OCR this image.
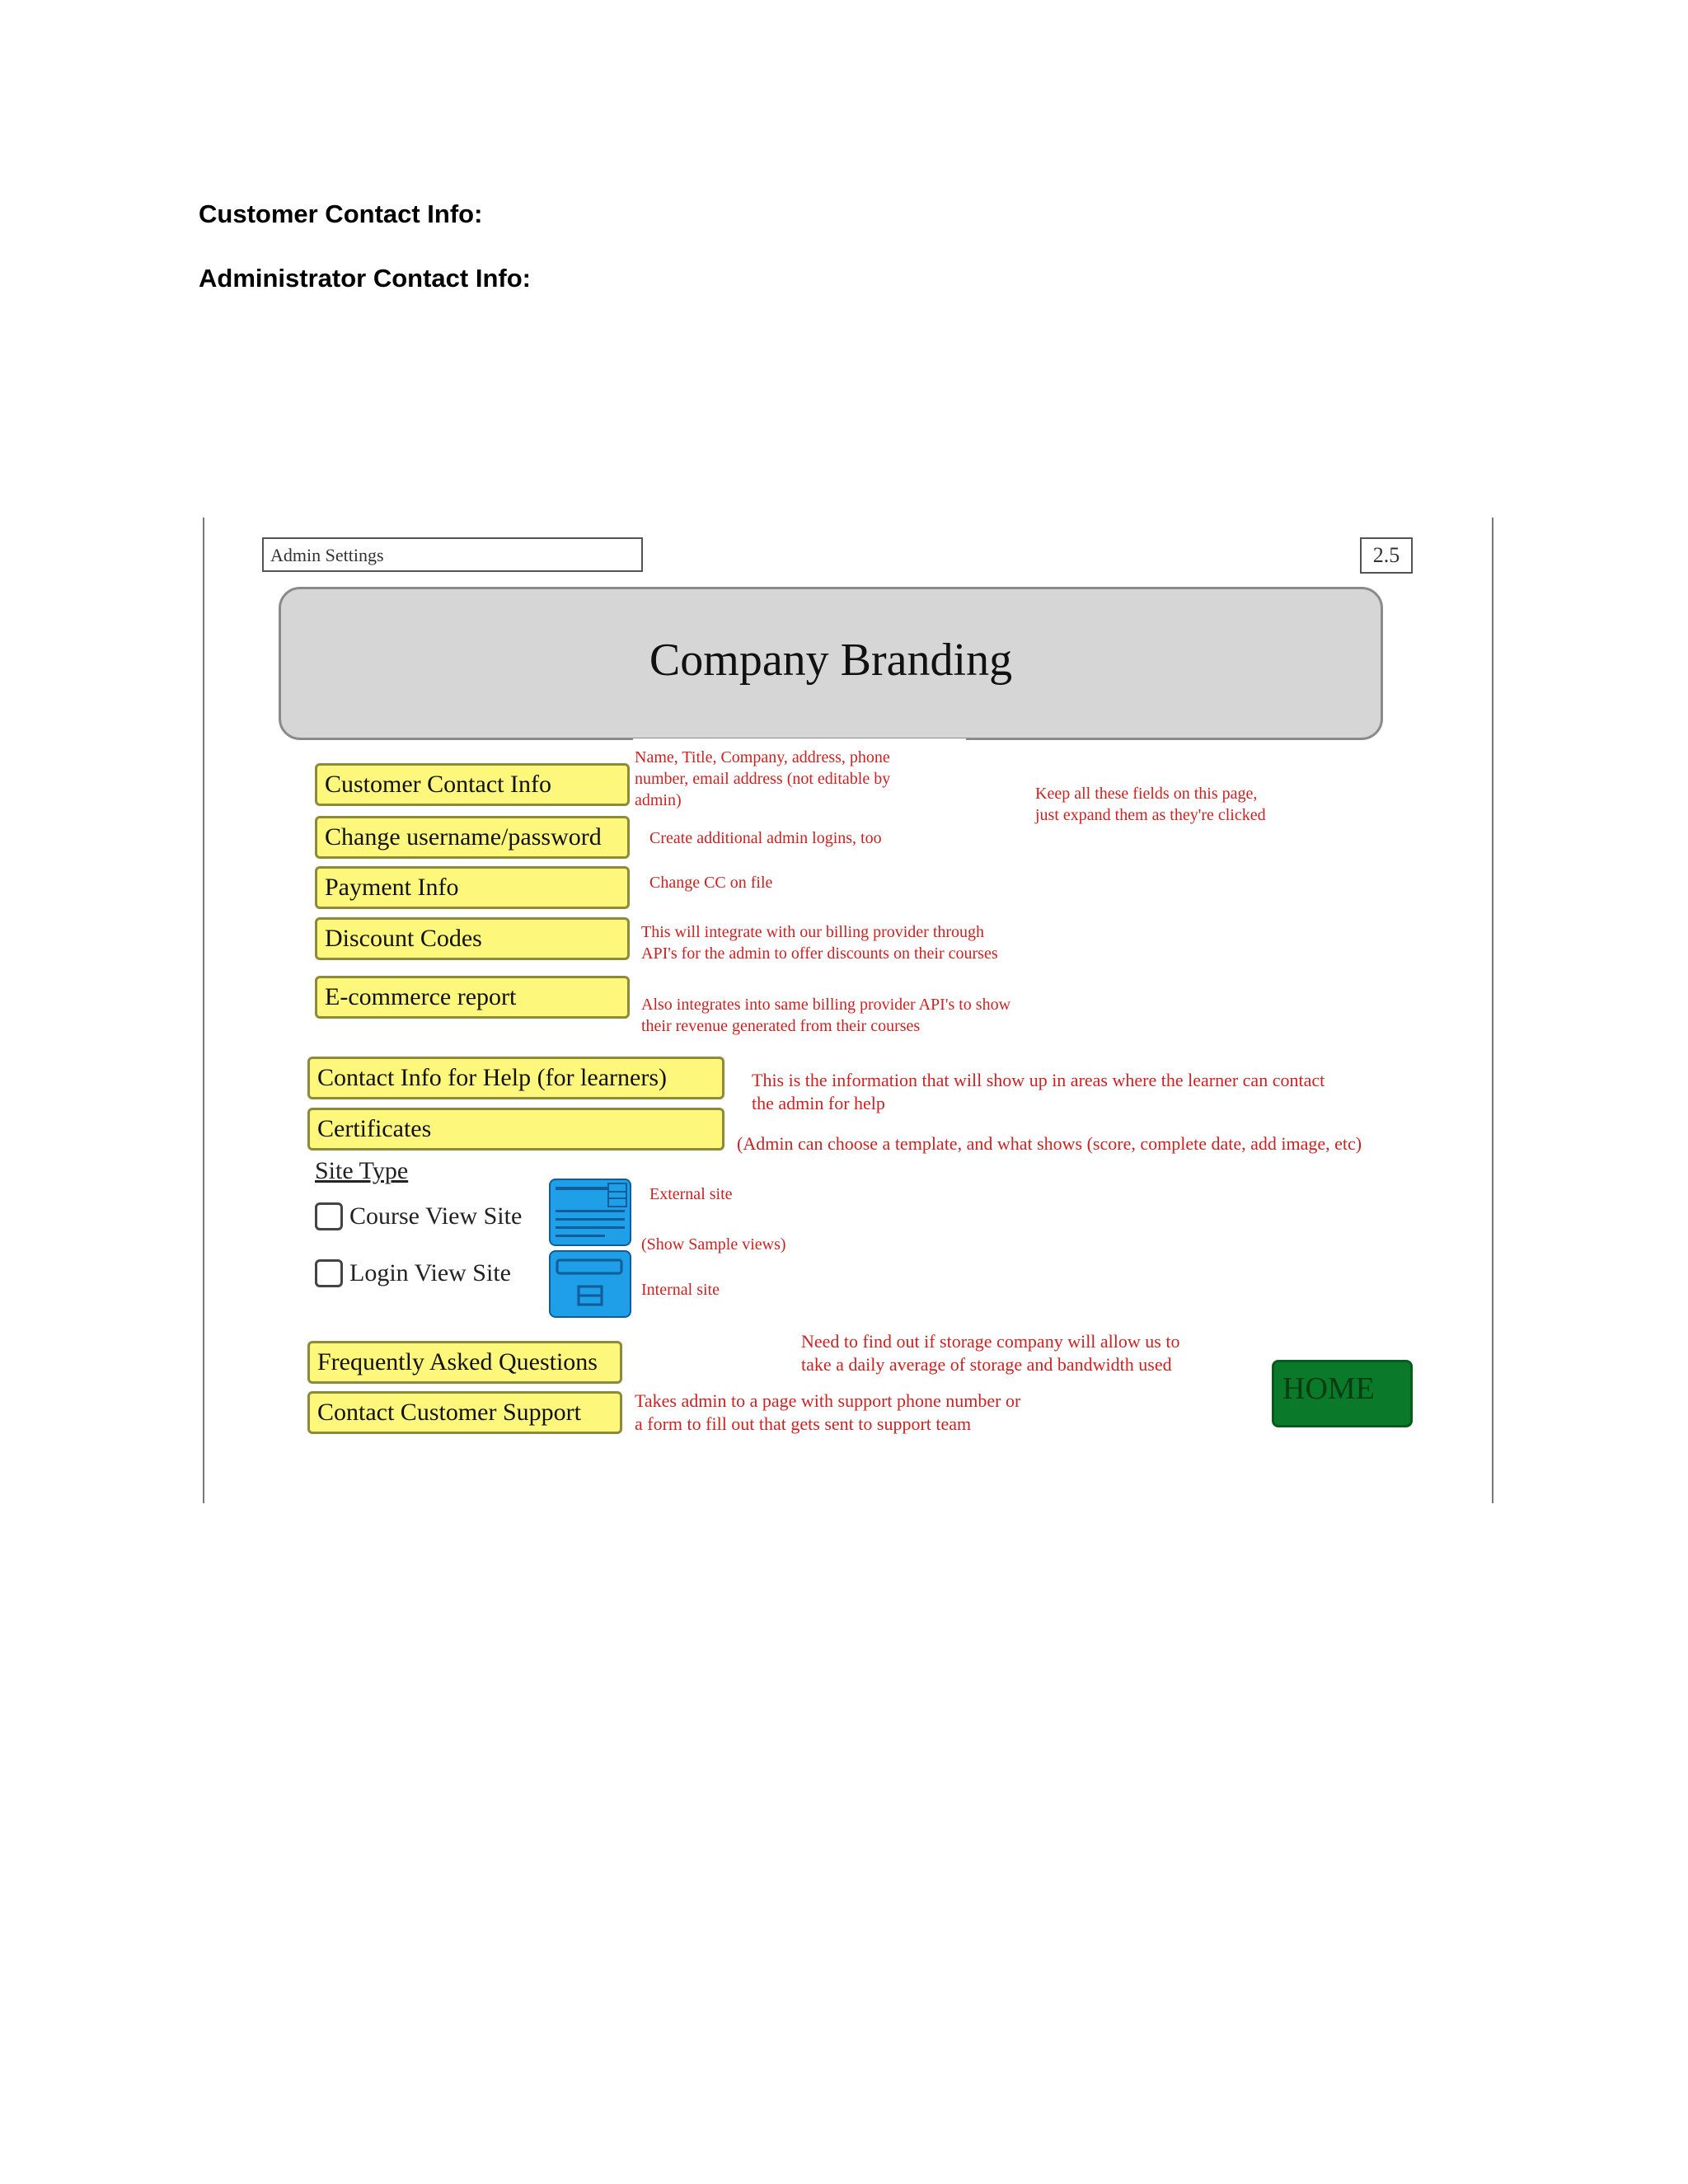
Customer Contact Info:
Administrator Contact Info:
Admin Settings	2.5
Company Branding
Customer Contact Info
Change username/password
Payment Info
Discount Codes
E-commerce report
Contact Info for Help (for learners)
Certificates
Frequently Asked Questions
Contact Customer Support
Name, Title, Company, address, phone
number, email address (not editable by
admin)	Keep all these fields on this page,
just expand them as they're clicked
Create additional admin logins, too
Change CC on file
This will integrate with our billing provider through
API's for the admin to offer discounts on their courses
Also integrates into same billing provider API's to show
their revenue generated from their courses
This is the information that will show up in areas where the learner can contact
the admin for help
(Admin can choose a template, and what shows (score, complete date, add image, etc)
Site Type
Course View Site
Login View Site
External site
(Show Sample views)
Internal site
Need to find out if storage company will allow us to
take a daily average of storage and bandwidth used
Takes admin to a page with support phone number or
a form to fill out that gets sent to support team
HOME
